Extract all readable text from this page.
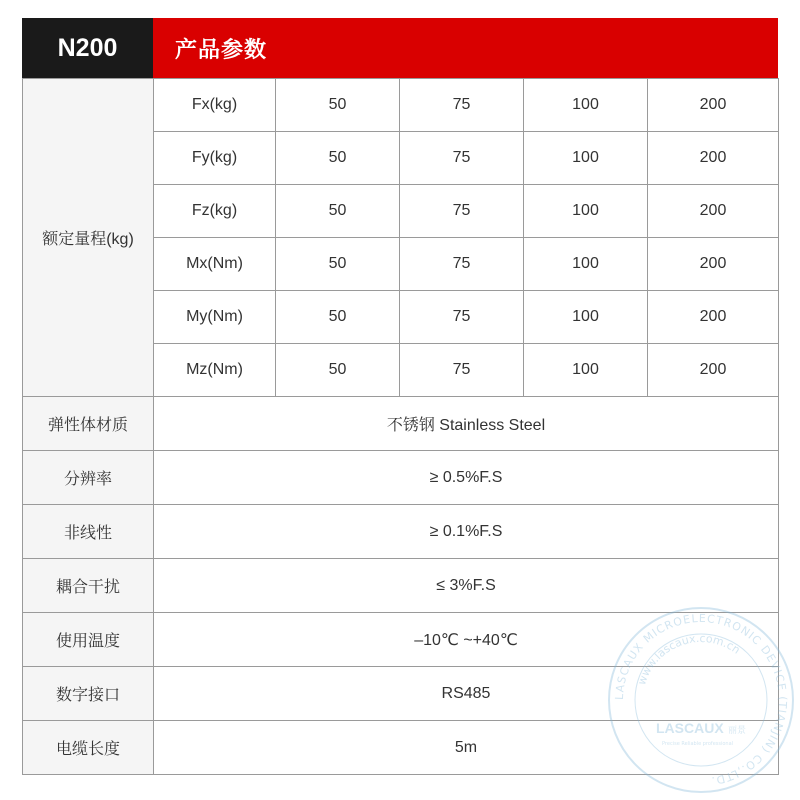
N200	产品参数
额定量程(kg)	Fx(kg)	50	75	100	200
	Fy(kg)	50	75	100	200
	Fz(kg)	50	75	100	200
	Mx(Nm)	50	75	100	200
	My(Nm)	50	75	100	200
	Mz(Nm)	50	75	100	200
弹性体材质	不锈钢 Stainless Steel				
分辨率	≥ 0.5%F.S				
非线性	≥ 0.1%F.S				
耦合干扰	≤ 3%F.S				
使用温度	–10℃ ~+40℃				
数字接口	RS485				
电缆长度	5m				
LASCAUX MICROELECTRONIC DEVICE (TIANJIN) CO.,LTD.
www.lascaux.com.cn
LASCAUX 丽景
Precise Reliable professional
